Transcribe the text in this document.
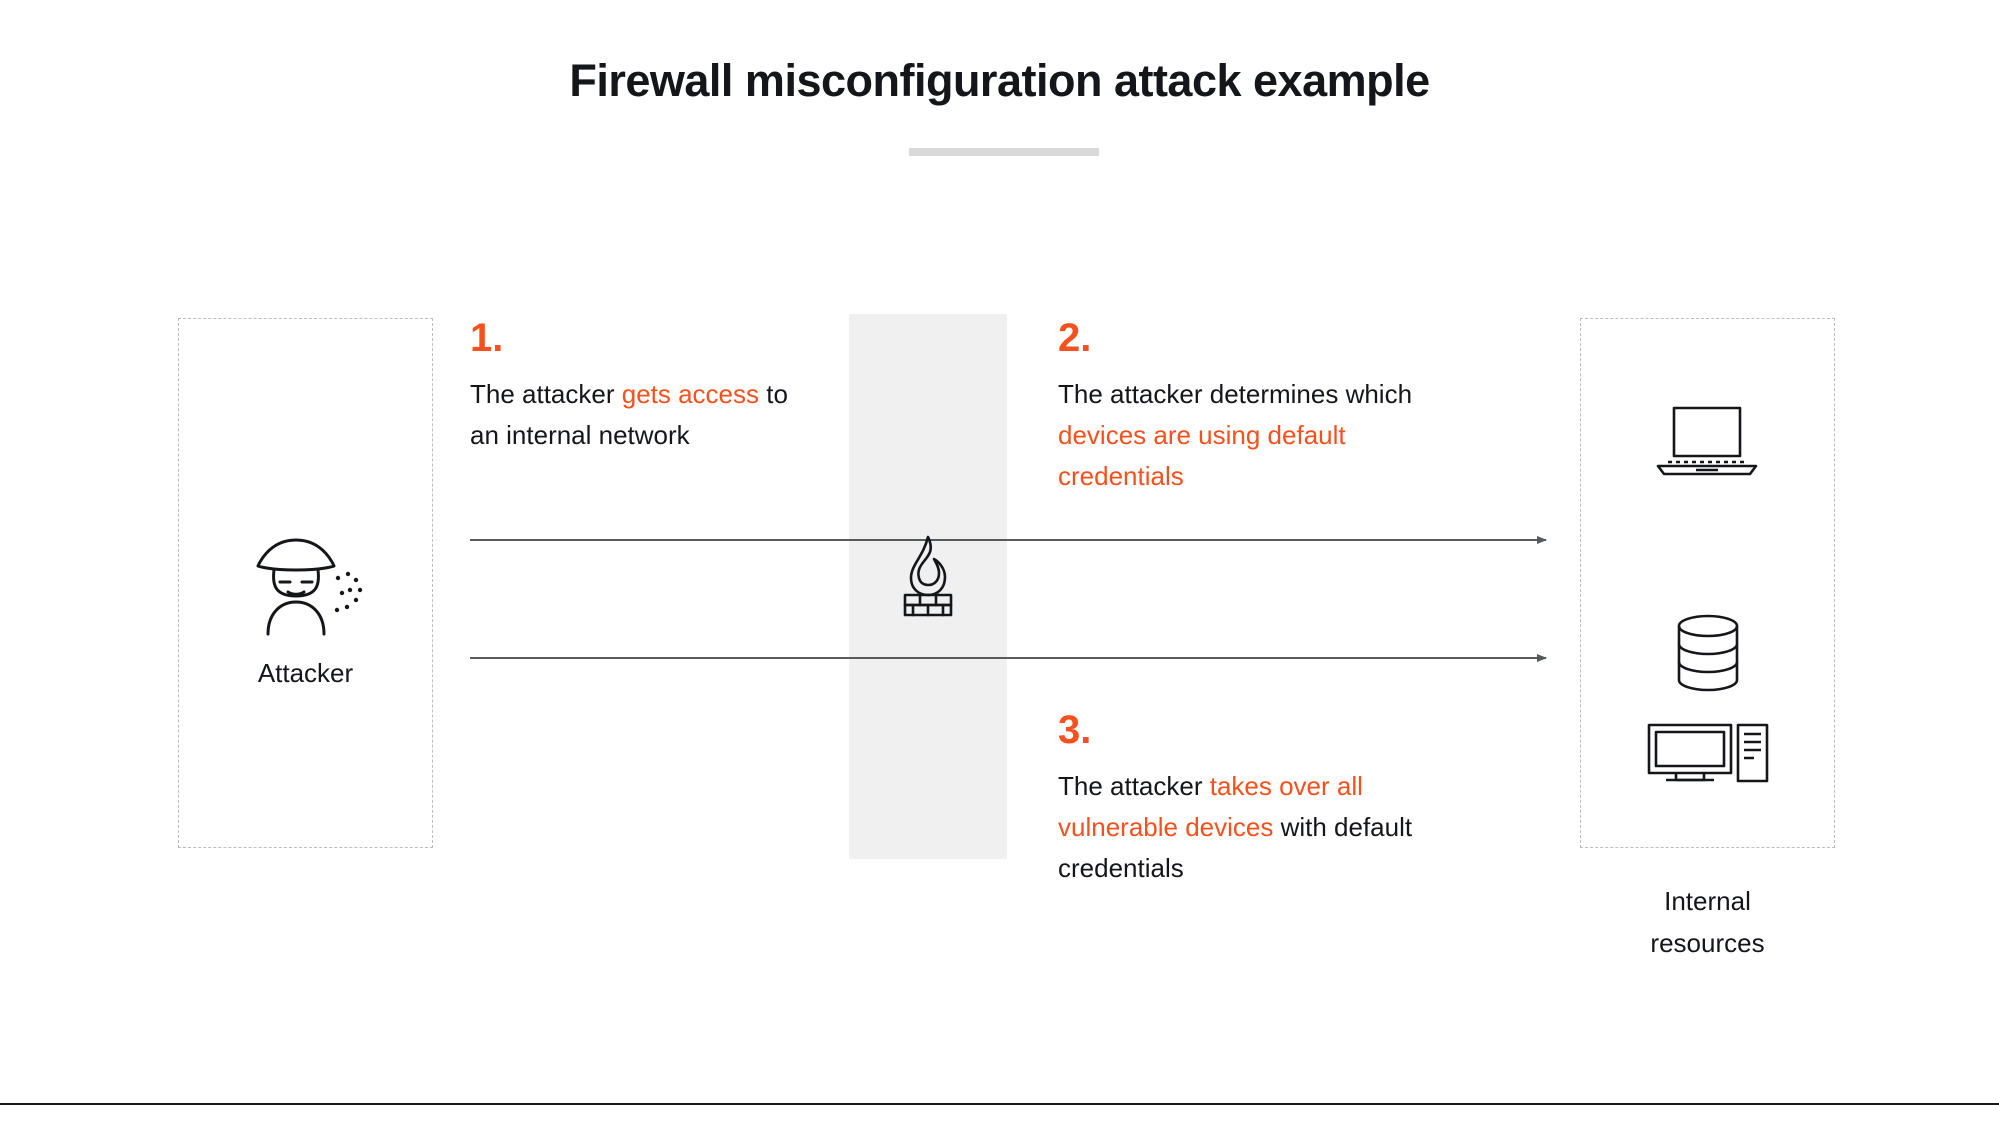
Firewall misconfiguration attack example
Attacker
Internal
resources
1.
The attacker gets access to an internal network
2.
The attacker determines which devices are using default credentials
3.
The attacker takes over all vulnerable devices with default credentials
